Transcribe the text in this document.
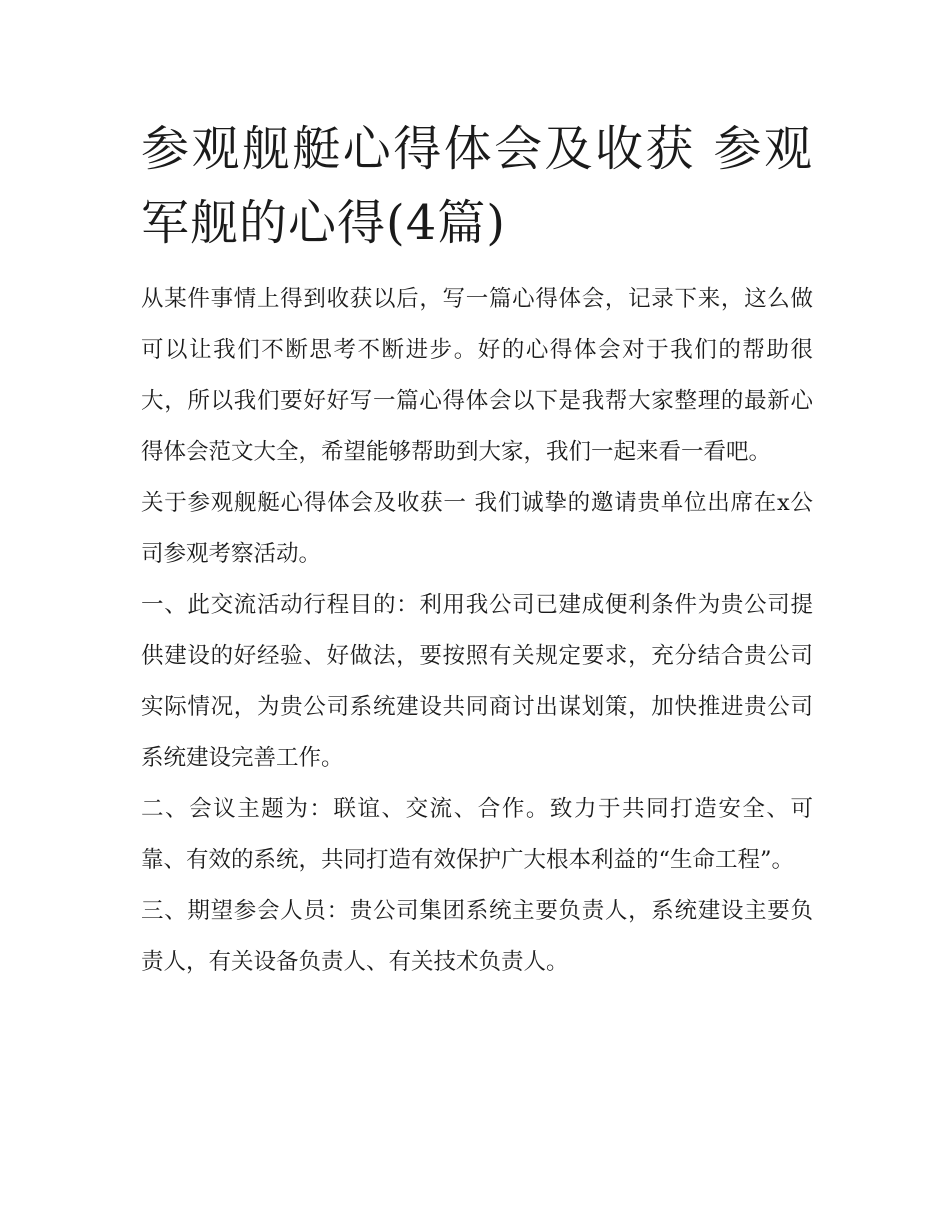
参观舰艇心得体会及收获 参观军舰的心得(4篇)

从某件事情上得到收获以后，写一篇心得体会，记录下来，这么做可以让我们不断思考不断进步。好的心得体会对于我们的帮助很大，所以我们要好好写一篇心得体会以下是我帮大家整理的最新心得体会范文大全，希望能够帮助到大家，我们一起来看一看吧。

关于参观舰艇心得体会及收获一 我们诚挚的邀请贵单位出席在x公司参观考察活动。

一、此交流活动行程目的：利用我公司已建成便利条件为贵公司提供建设的好经验、好做法，要按照有关规定要求，充分结合贵公司实际情况，为贵公司系统建设共同商讨出谋划策，加快推进贵公司系统建设完善工作。

二、会议主题为：联谊、交流、合作。致力于共同打造安全、可靠、有效的系统，共同打造有效保护广大根本利益的“生命工程”。

三、期望参会人员：贵公司集团系统主要负责人，系统建设主要负责人，有关设备负责人、有关技术负责人。
